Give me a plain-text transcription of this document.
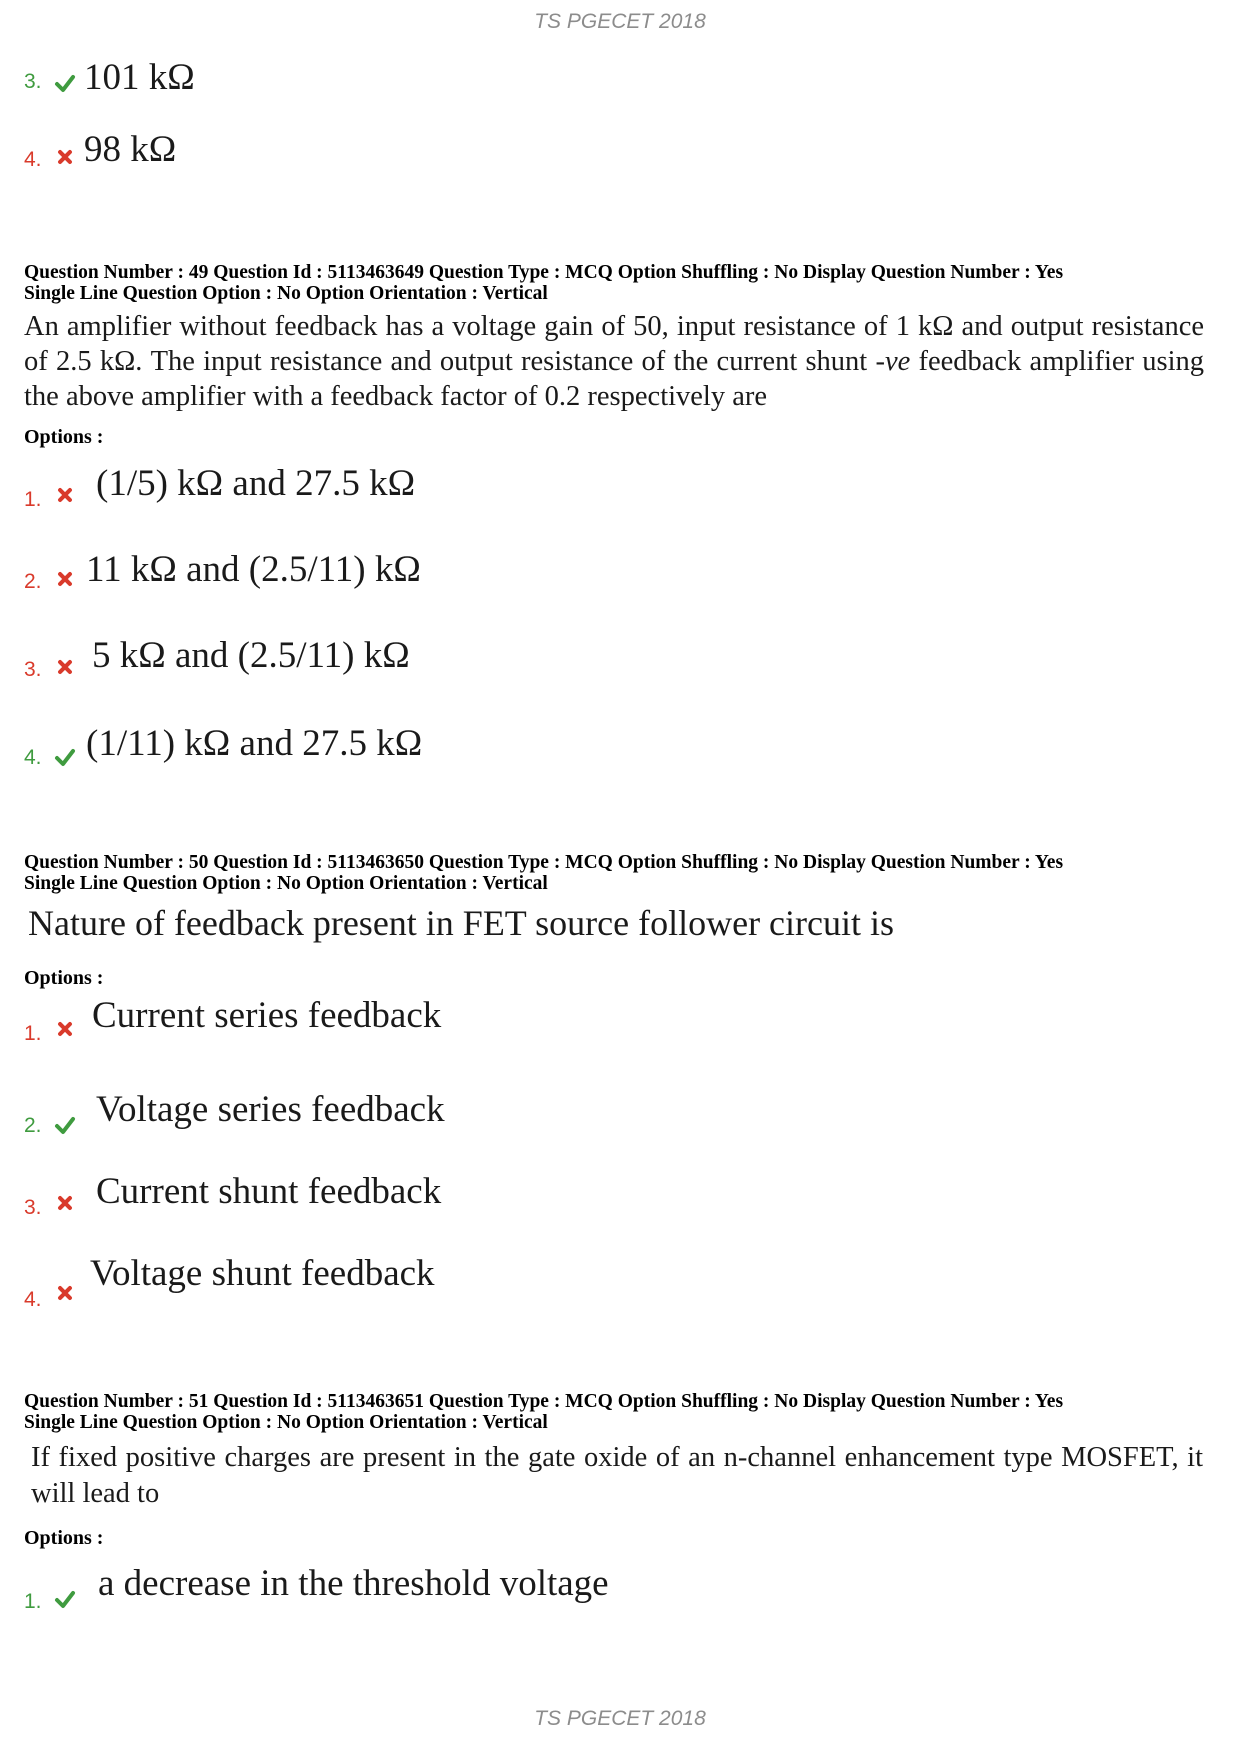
TS PGECET 2018
3. 101 kΩ
4. 98 kΩ
Question Number : 49 Question Id : 5113463649 Question Type : MCQ Option Shuffling : No Display Question Number : Yes
Single Line Question Option : No Option Orientation : Vertical
An amplifier without feedback has a voltage gain of 50, input resistance of 1 kΩ and output resistance of 2.5 kΩ. The input resistance and output resistance of the current shunt -ve feedback amplifier using the above amplifier with a feedback factor of 0.2 respectively are
Options :
1. (1/5) kΩ and 27.5 kΩ
2. 11 kΩ and (2.5/11) kΩ
3. 5 kΩ and (2.5/11) kΩ
4. (1/11) kΩ and 27.5 kΩ
Question Number : 50 Question Id : 5113463650 Question Type : MCQ Option Shuffling : No Display Question Number : Yes
Single Line Question Option : No Option Orientation : Vertical
Nature of feedback present in FET source follower circuit is
Options :
1. Current series feedback
2. Voltage series feedback
3. Current shunt feedback
4.
Voltage shunt feedback
Question Number : 51 Question Id : 5113463651 Question Type : MCQ Option Shuffling : No Display Question Number : Yes
Single Line Question Option : No Option Orientation : Vertical
If fixed positive charges are present in the gate oxide of an n-channel enhancement type MOSFET, it will lead to
Options :
1. a decrease in the threshold voltage
TS PGECET 2018
